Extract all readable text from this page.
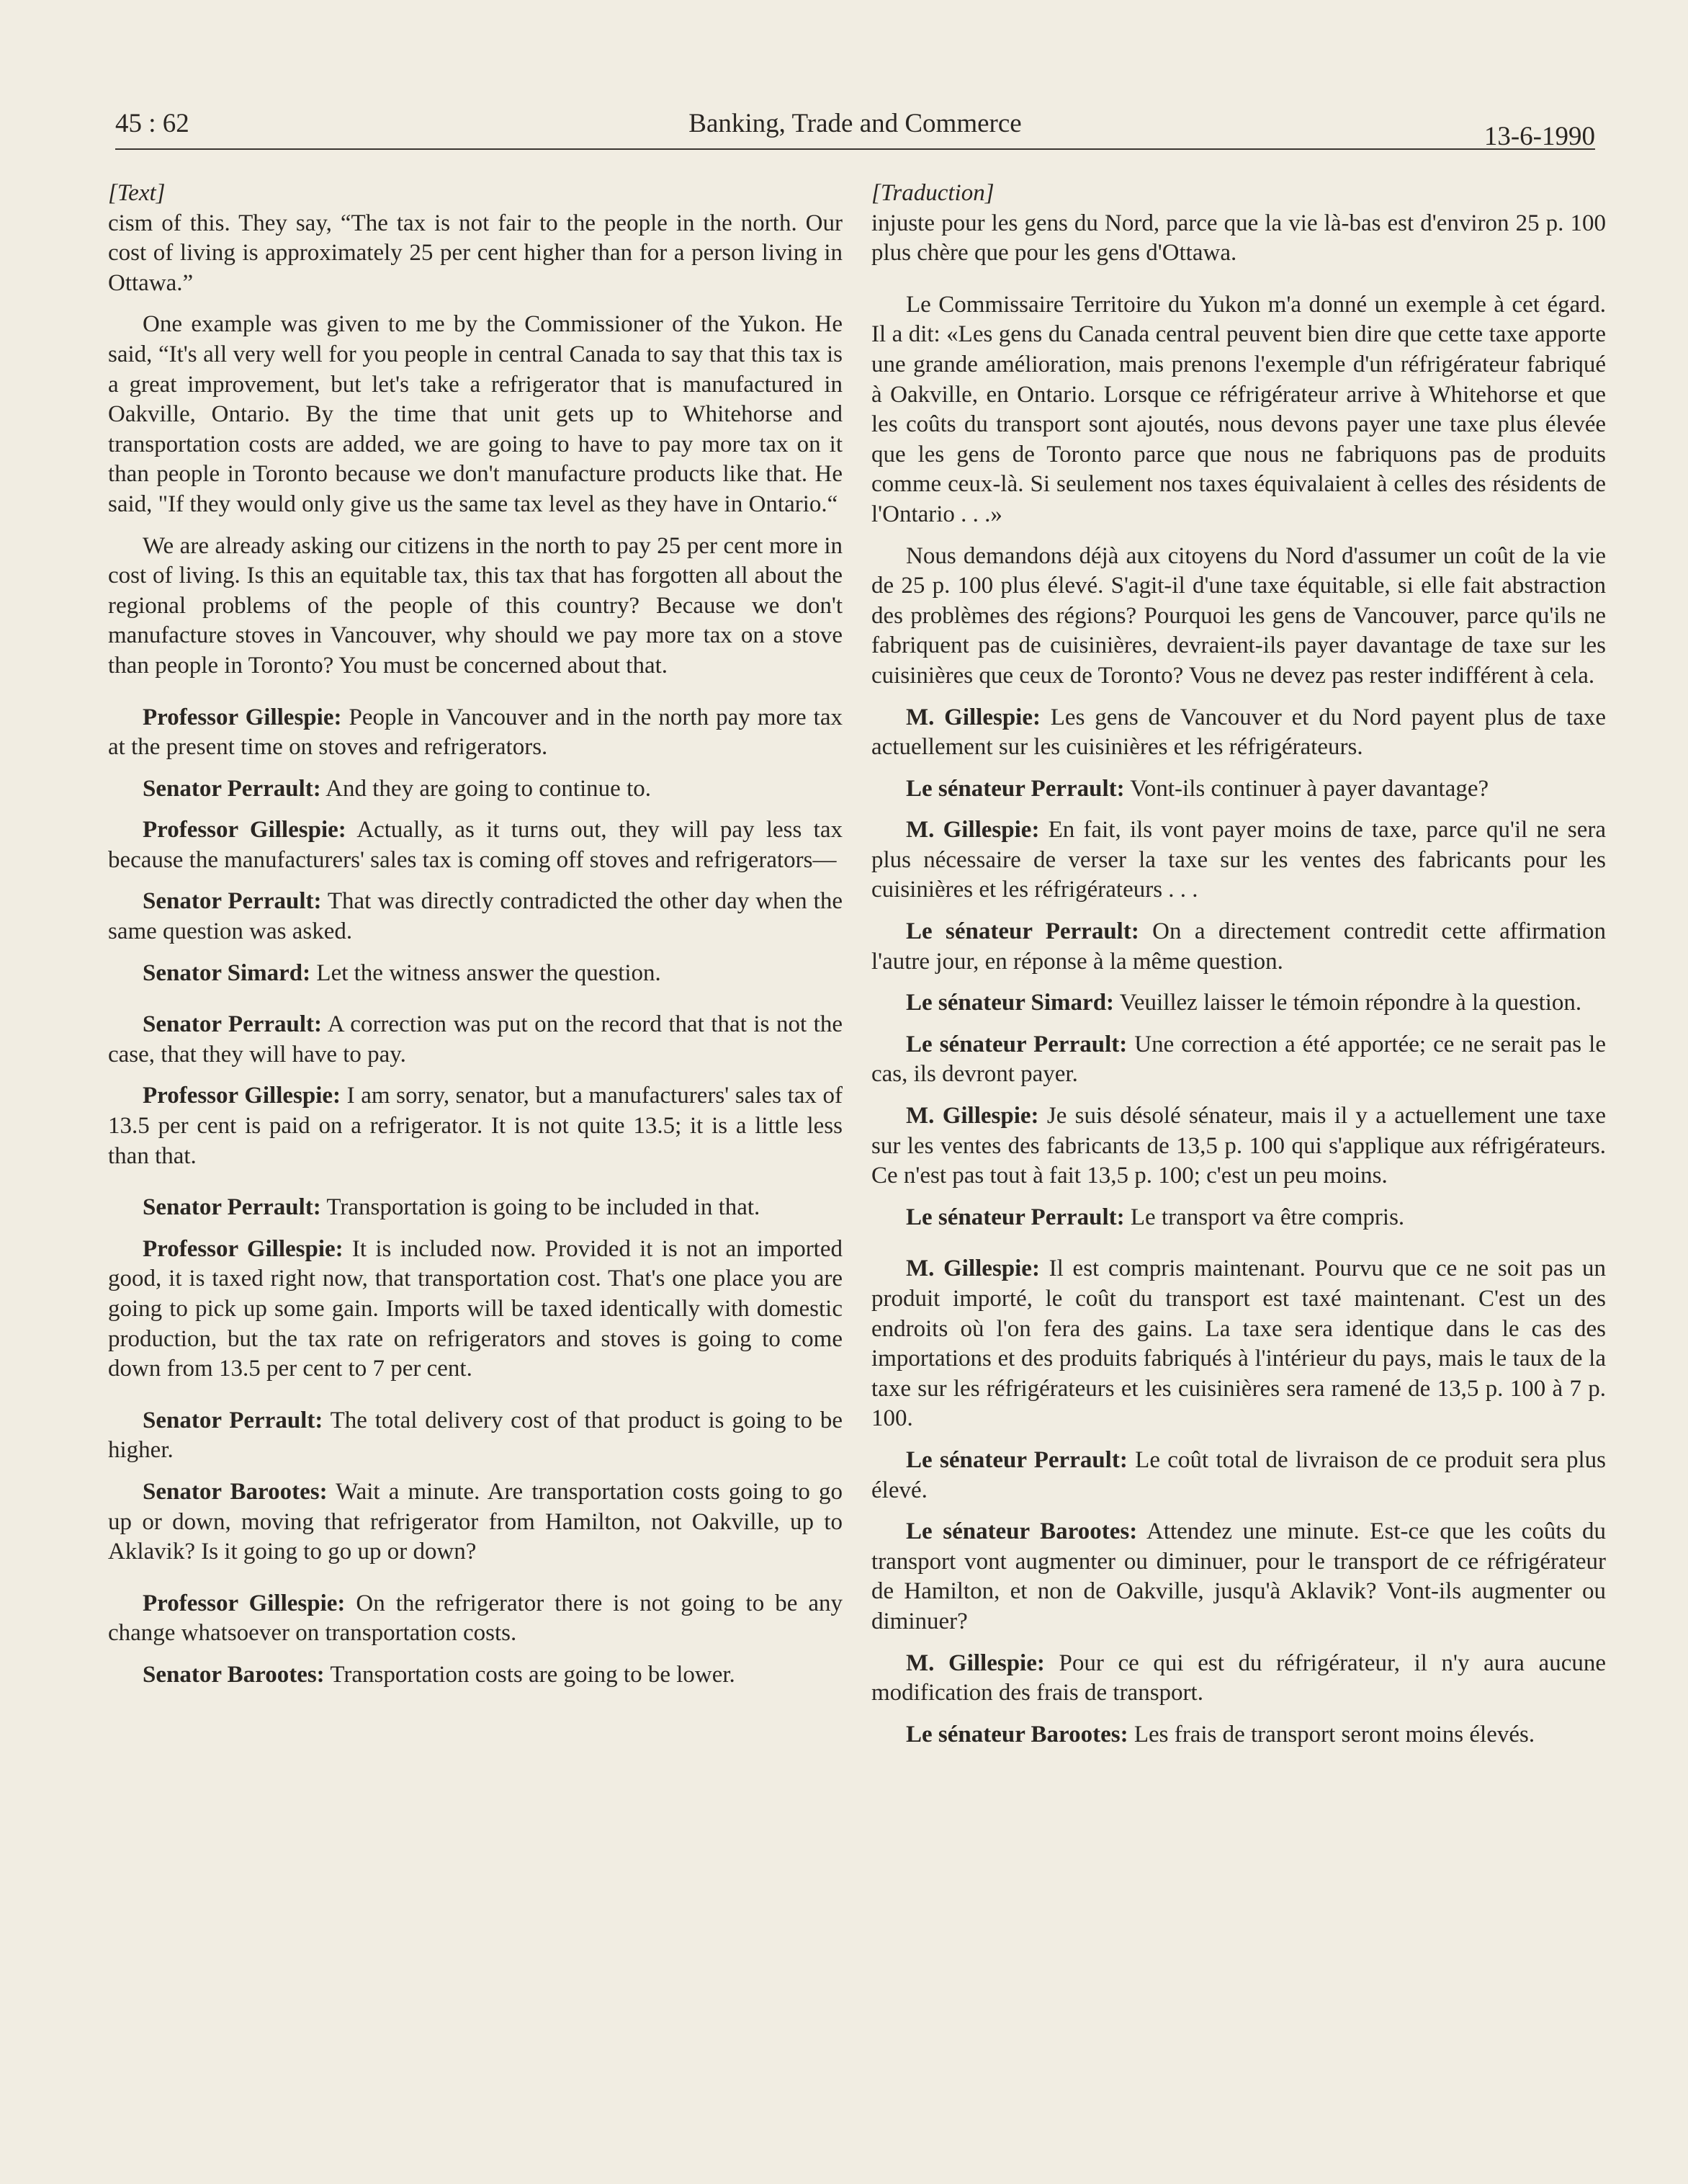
45 : 62	Banking, Trade and Commerce	13-6-1990

[Text]

cism of this. They say, “The tax is not fair to the people in the north. Our cost of living is approximately 25 per cent higher than for a person living in Ottawa.”

One example was given to me by the Commissioner of the Yukon. He said, “It's all very well for you people in central Canada to say that this tax is a great improvement, but let's take a refrigerator that is manufactured in Oakville, Ontario. By the time that unit gets up to Whitehorse and transportation costs are added, we are going to have to pay more tax on it than people in Toronto because we don't manufacture products like that. He said, "If they would only give us the same tax level as they have in Ontario.“

We are already asking our citizens in the north to pay 25 per cent more in cost of living. Is this an equitable tax, this tax that has forgotten all about the regional problems of the people of this country? Because we don't manufacture stoves in Vancouver, why should we pay more tax on a stove than people in Toronto? You must be concerned about that.

Professor Gillespie: People in Vancouver and in the north pay more tax at the present time on stoves and refrigerators.

Senator Perrault: And they are going to continue to.

Professor Gillespie: Actually, as it turns out, they will pay less tax because the manufacturers' sales tax is coming off stoves and refrigerators—

Senator Perrault: That was directly contradicted the other day when the same question was asked.

Senator Simard: Let the witness answer the question.

Senator Perrault: A correction was put on the record that that is not the case, that they will have to pay.

Professor Gillespie: I am sorry, senator, but a manufacturers' sales tax of 13.5 per cent is paid on a refrigerator. It is not quite 13.5; it is a little less than that.

Senator Perrault: Transportation is going to be included in that.

Professor Gillespie: It is included now. Provided it is not an imported good, it is taxed right now, that transportation cost. That's one place you are going to pick up some gain. Imports will be taxed identically with domestic production, but the tax rate on refrigerators and stoves is going to come down from 13.5 per cent to 7 per cent.

Senator Perrault: The total delivery cost of that product is going to be higher.

Senator Barootes: Wait a minute. Are transportation costs going to go up or down, moving that refrigerator from Hamilton, not Oakville, up to Aklavik? Is it going to go up or down?

Professor Gillespie: On the refrigerator there is not going to be any change whatsoever on transportation costs.

Senator Barootes: Transportation costs are going to be lower.

[Traduction]

injuste pour les gens du Nord, parce que la vie là-bas est d'environ 25 p. 100 plus chère que pour les gens d'Ottawa.

Le Commissaire Territoire du Yukon m'a donné un exemple à cet égard. Il a dit: «Les gens du Canada central peuvent bien dire que cette taxe apporte une grande amélioration, mais prenons l'exemple d'un réfrigérateur fabriqué à Oakville, en Ontario. Lorsque ce réfrigérateur arrive à Whitehorse et que les coûts du transport sont ajoutés, nous devons payer une taxe plus élevée que les gens de Toronto parce que nous ne fabriquons pas de produits comme ceux-là. Si seulement nos taxes équivalaient à celles des résidents de l'Ontario . . .»

Nous demandons déjà aux citoyens du Nord d'assumer un coût de la vie de 25 p. 100 plus élevé. S'agit-il d'une taxe équitable, si elle fait abstraction des problèmes des régions? Pourquoi les gens de Vancouver, parce qu'ils ne fabriquent pas de cuisinières, devraient-ils payer davantage de taxe sur les cuisinières que ceux de Toronto? Vous ne devez pas rester indifférent à cela.

M. Gillespie: Les gens de Vancouver et du Nord payent plus de taxe actuellement sur les cuisinières et les réfrigérateurs.

Le sénateur Perrault: Vont-ils continuer à payer davantage?

M. Gillespie: En fait, ils vont payer moins de taxe, parce qu'il ne sera plus nécessaire de verser la taxe sur les ventes des fabricants pour les cuisinières et les réfrigérateurs . . .

Le sénateur Perrault: On a directement contredit cette affirmation l'autre jour, en réponse à la même question.

Le sénateur Simard: Veuillez laisser le témoin répondre à la question.

Le sénateur Perrault: Une correction a été apportée; ce ne serait pas le cas, ils devront payer.

M. Gillespie: Je suis désolé sénateur, mais il y a actuellement une taxe sur les ventes des fabricants de 13,5 p. 100 qui s'applique aux réfrigérateurs. Ce n'est pas tout à fait 13,5 p. 100; c'est un peu moins.

Le sénateur Perrault: Le transport va être compris.

M. Gillespie: Il est compris maintenant. Pourvu que ce ne soit pas un produit importé, le coût du transport est taxé maintenant. C'est un des endroits où l'on fera des gains. La taxe sera identique dans le cas des importations et des produits fabriqués à l'intérieur du pays, mais le taux de la taxe sur les réfrigérateurs et les cuisinières sera ramené de 13,5 p. 100 à 7 p. 100.

Le sénateur Perrault: Le coût total de livraison de ce produit sera plus élevé.

Le sénateur Barootes: Attendez une minute. Est-ce que les coûts du transport vont augmenter ou diminuer, pour le transport de ce réfrigérateur de Hamilton, et non de Oakville, jusqu'à Aklavik? Vont-ils augmenter ou diminuer?

M. Gillespie: Pour ce qui est du réfrigérateur, il n'y aura aucune modification des frais de transport.

Le sénateur Barootes: Les frais de transport seront moins élevés.
